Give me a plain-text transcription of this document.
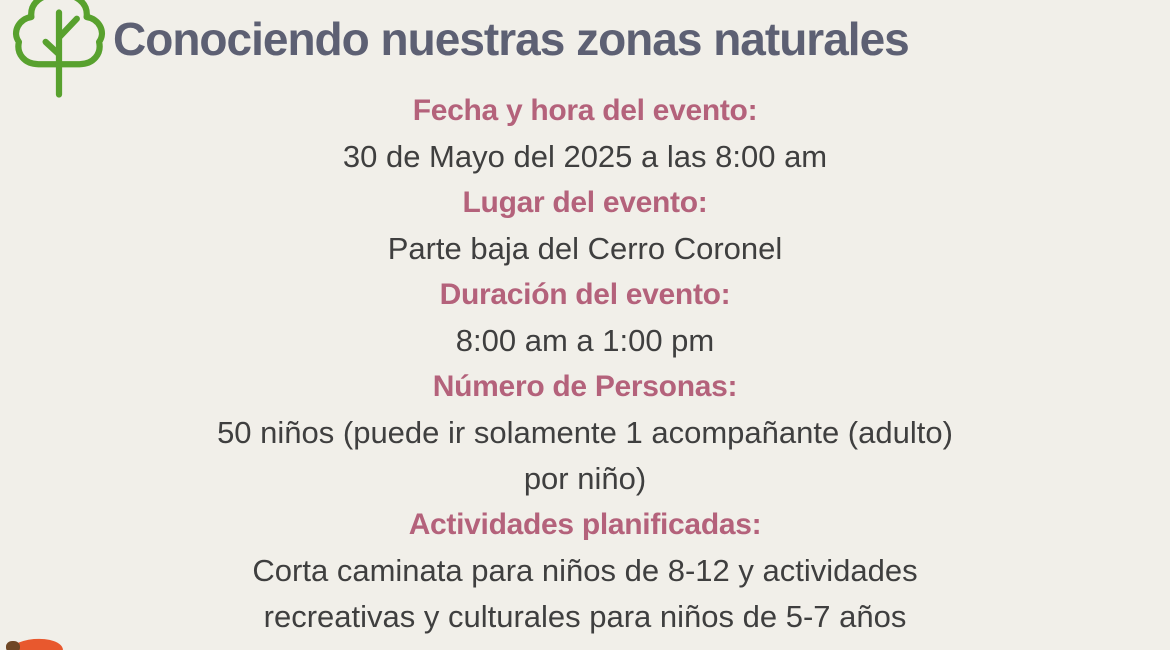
Conociendo nuestras zonas naturales
Fecha y hora del evento:
30 de Mayo del 2025 a las 8:00 am
Lugar del evento:
Parte baja del Cerro Coronel
Duración del evento:
8:00 am a 1:00 pm
Número de Personas:
50 niños (puede ir solamente 1 acompañante (adulto)
por niño)
Actividades planificadas:
Corta caminata para niños de 8-12 y actividades
recreativas y culturales para niños de 5-7 años
